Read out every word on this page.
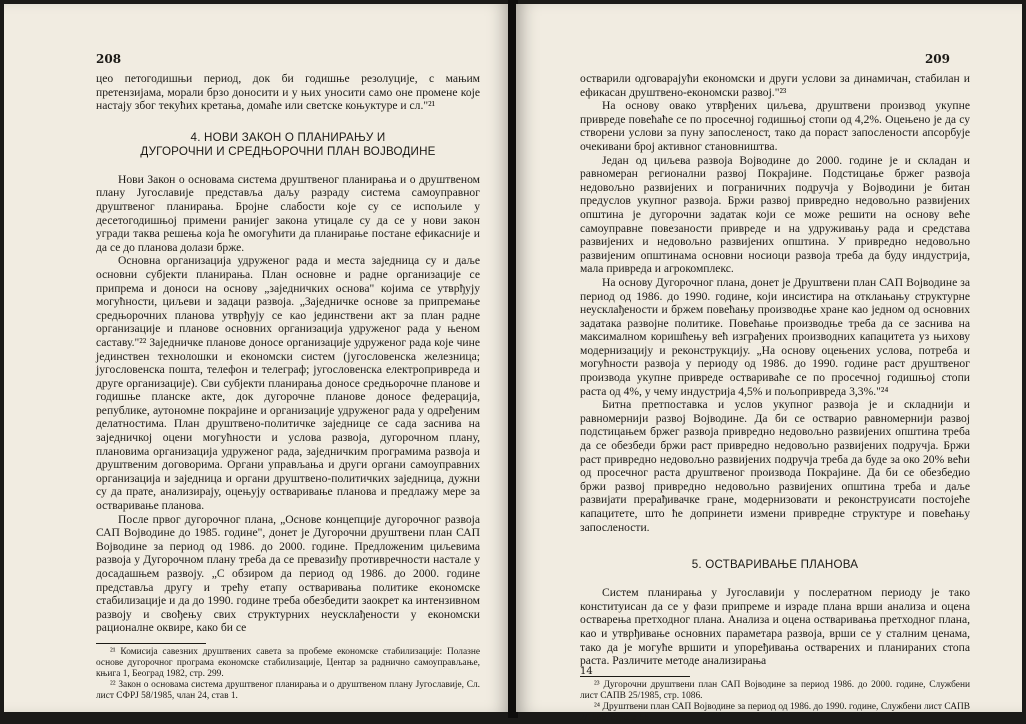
208

цео петогодишњи период, док би годишње резолуције, с мањим претензијама, морали брзо доносити и у њих уносити само оне промене које настају због текућих кретања, домаће или светске коњуктуре и сл."²¹

4. НОВИ ЗАКОН О ПЛАНИРАЊУ И

ДУГОРОЧНИ И СРЕДЊОРОЧНИ ПЛАН ВОЈВОДИНЕ

Нови Закон о основама система друштвеног планирања и о друштвеном плану Југославије представља даљу разраду система самоуправног друштвеног планирања. Бројне слабости које су се испољиле у десетогодишњој примени ранијег закона утицале су да се у нови закон угради таква решења која ће омогућити да планирање постане ефикасније и да се до планова долази брже.

Основна организација удруженог рада и места заједница су и даље основни субјекти планирања. План основне и радне организације се припрема и доноси на основу „заједничких основа" којима се утврђују могућности, циљеви и задаци развоја. „Заједничке основе за припремање средњорочних планова утврђују се као јединствени акт за план радне организације и планове основних организација удруженог рада у њеном саставу."²² Заједничке планове доносе организације удруженог рада које чине јединствен технолошки и економски систем (југословенска железница; југословенска пошта, телефон и телеграф; југословенска електропривреда и друге организације). Сви субјекти планирања доносе средњорочне планове и годишње планске акте, док дугорочне планове доносе федерација, републике, аутономне покрајине и организације удруженог рада у одређеним делатностима. План друштвено-политичке заједнице се сада заснива на заједничкој оцени могућности и услова развоја, дугорочном плану, плановима организација удруженог рада, заједничким програмима развоја и друштвеним договорима. Органи управљања и други органи самоуправних организација и заједница и органи друштвено-политичких заједница, дужни су да прате, анализирају, оцењују остваривање планова и предлажу мере за остваривање планова.

После првог дугорочног плана, „Основе концепције дугорочног развоја САП Војводине до 1985. године", донет је Дугорочни друштвени план САП Војводине за период од 1986. до 2000. године. Предложеним циљевима развоја у Дугорочном плану треба да се превазиђу противречности настале у досадашњем развоју. „С обзиром да период од 1986. до 2000. године представља другу и трећу етапу остваривања политике економске стабилизације и да до 1990. године треба обезбедити заокрет ка интензивном развоју и свођењу свих структурних неусклађености у економски рационалне оквире, како би се

²¹ Комисија савезних друштвених савета за пробеме економске стабилизације: Полазне основе дугорочног програма економске стабилизације, Центар за раднично самоуправљање, књига 1, Београд 1982, стр. 299.

²² Закон о основама система друштвеног планирања и о друштвеном плану Југославије, Сл. лист СФРЈ 58/1985, члан 24, став 1.

209

остварили одговарајући економски и други услови за динамичан, стабилан и ефикасан друштвено-економски развој."²³

На основу овако утврђених циљева, друштвени производ укупне привреде повећаће се по просечној годишњој стопи од 4,2%. Оцењено је да су створени услови за пуну запосленост, тако да пораст запослености апсорбује очекивани број активног становништва.

Један од циљева развоја Војводине до 2000. године је и складан и равномеран регионални развој Покрајине. Подстицање бржег развоја недовољно развијених и пограничних подручја у Војводини је битан предуслов укупног развоја. Бржи развој привредно недовољно развијених општина је дугорочни задатак који се може решити на основу веће самоуправне повезаности привреде и на удруживању рада и средстава развијених и недовољно развијених општина. У привредно недовољно развијеним општинама основни носиоци развоја треба да буду индустрија, мала привреда и агрокомплекс.

На основу Дугорочног плана, донет је Друштвени план САП Војводине за период од 1986. до 1990. године, који инсистира на отклањању структурне неусклађености и бржем повећању производње хране као једном од основних задатака развојне политике. Повећање производње треба да се заснива на максималном коришћењу већ изграђених производних капацитета уз њихову модернизацију и реконструкцију. „На основу оцењених услова, потреба и могућности развоја у периоду од 1986. до 1990. године раст друштвеног производа укупне привреде оствариваће се по просечној годишњој стопи раста од 4%, у чему индустрија 4,5% и пољопривреда 3,3%."²⁴

Битна претпоставка и услов укупног развоја је и складнији и равномернији развој Војводине. Да би се остварио равномернији развој подстицањем бржег развоја привредно недовољно развијених општина треба да се обезбеди бржи раст привредно недовољно развијених подручја. Бржи раст привредно недовољно развијених подручја треба да буде за око 20% већи од просечног раста друштвеног производа Покрајине. Да би се обезбедио бржи развој привредно недовољно развијених општина треба и даље развијати прерађивачке гране, модернизовати и реконструисати постојеће капацитете, што ће допринети измени привредне структуре и повећању запослености.

5. ОСТВАРИВАЊЕ ПЛАНОВА

Систем планирања у Југославији у послератном периоду је тако конституисан да се у фази припреме и израде плана врши анализа и оцена остварења претходног плана. Анализа и оцена остваривања претходног плана, као и утврђивање основних параметара развоја, врши се у сталним ценама, тако да је могуће вршити и упоређивања остварених и планираних стопа раста. Различите методе анализирања

²³ Дугорочни друштвени план САП Војводине за период 1986. до 2000. године, Службени лист САПВ 25/1985, стр. 1086.

²⁴ Друштвени план САП Војводине за период од 1986. до 1990. године, Службени лист САПВ 2/1986, страна 56.

14
